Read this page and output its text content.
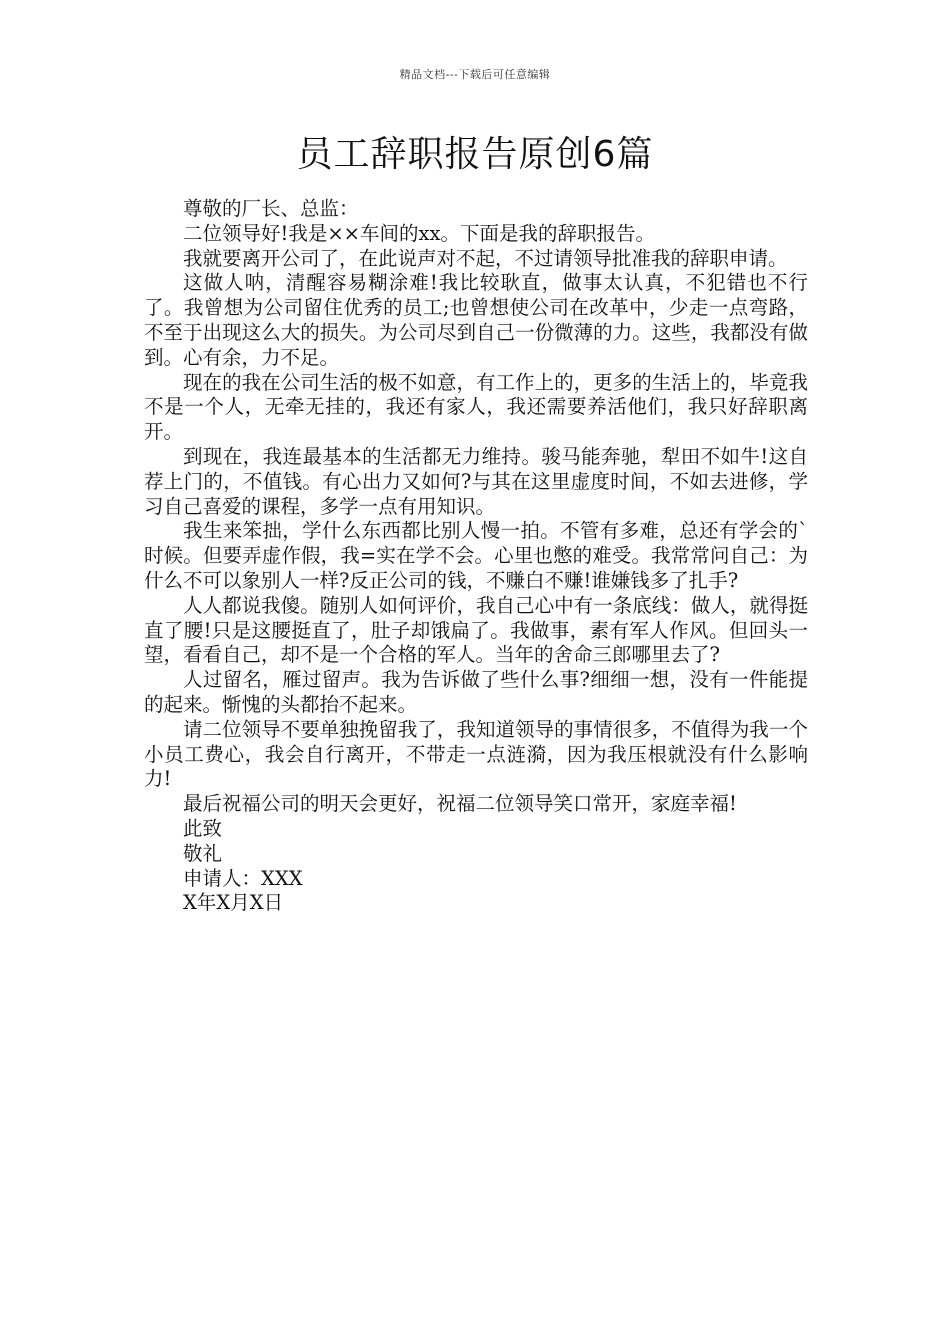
精品文档---下载后可任意编辑
员工辞职报告原创6篇

尊敬的厂长、总监：

二位领导好!我是××车间的xx。下面是我的辞职报告。

我就要离开公司了，在此说声对不起，不过请领导批准我的辞职申请。

这做人呐，清醒容易糊涂难!我比较耿直，做事太认真，不犯错也不行了。我曾想为公司留住优秀的员工;也曾想使公司在改革中，少走一点弯路，不至于出现这么大的损失。为公司尽到自己一份微薄的力。这些，我都没有做到。心有余，力不足。

现在的我在公司生活的极不如意，有工作上的，更多的生活上的，毕竟我不是一个人，无牵无挂的，我还有家人，我还需要养活他们，我只好辞职离开。

到现在，我连最基本的生活都无力维持。骏马能奔驰，犁田不如牛!这自荐上门的，不值钱。有心出力又如何?与其在这里虚度时间，不如去进修，学习自己喜爱的课程，多学一点有用知识。

我生来笨拙，学什么东西都比别人慢一拍。不管有多难，总还有学会的`时候。但要弄虚作假，我=实在学不会。心里也憋的难受。我常常问自己：为什么不可以象别人一样?反正公司的钱，不赚白不赚!谁嫌钱多了扎手?

人人都说我傻。随别人如何评价，我自己心中有一条底线：做人，就得挺直了腰!只是这腰挺直了，肚子却饿扁了。我做事，素有军人作风。但回头一望，看看自己，却不是一个合格的军人。当年的舍命三郎哪里去了?

人过留名，雁过留声。我为告诉做了些什么事?细细一想，没有一件能提的起来。惭愧的头都抬不起来。

请二位领导不要单独挽留我了，我知道领导的事情很多，不值得为我一个小员工费心，我会自行离开，不带走一点涟漪，因为我压根就没有什么影响力!

最后祝福公司的明天会更好，祝福二位领导笑口常开，家庭幸福!

此致

敬礼

申请人：XXX

X年X月X日
